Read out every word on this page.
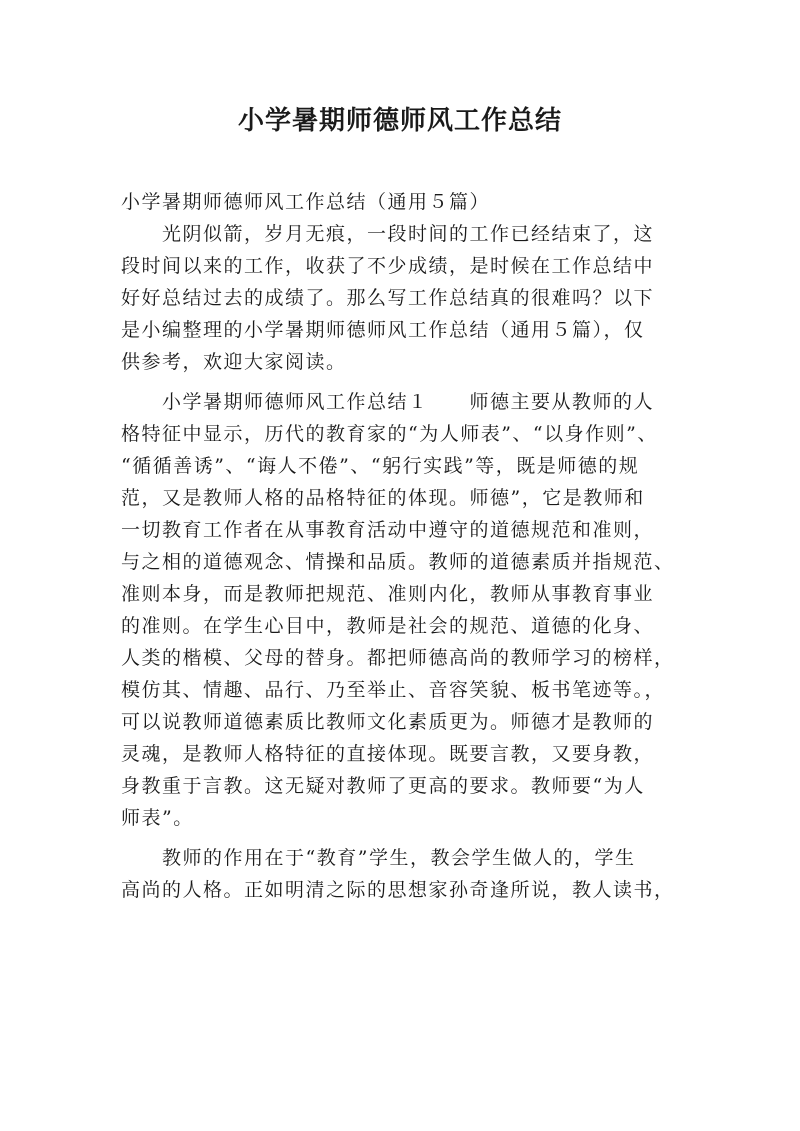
小学暑期师德师风工作总结
小学暑期师德师风工作总结（通用５篇）
光阴似箭，岁月无痕，一段时间的工作已经结束了，这
段时间以来的工作，收获了不少成绩，是时候在工作总结中
好好总结过去的成绩了。那么写工作总结真的很难吗？以下
是小编整理的小学暑期师德师风工作总结（通用５篇），仅
供参考，欢迎大家阅读。
小学暑期师德师风工作总结１　　师德主要从教师的人
格特征中显示，历代的教育家的“为人师表”、“以身作则”、
“循循善诱”、“诲人不倦”、“躬行实践”等，既是师德的规
范，又是教师人格的品格特征的体现。师德”，它是教师和
一切教育工作者在从事教育活动中遵守的道德规范和准则，
与之相的道德观念、情操和品质。教师的道德素质并指规范、
准则本身，而是教师把规范、准则内化，教师从事教育事业
的准则。在学生心目中，教师是社会的规范、道德的化身、
人类的楷模、父母的替身。都把师德高尚的教师学习的榜样，
模仿其、情趣、品行、乃至举止、音容笑貌、板书笔迹等。，
可以说教师道德素质比教师文化素质更为。师德才是教师的
灵魂，是教师人格特征的直接体现。既要言教，又要身教，
身教重于言教。这无疑对教师了更高的要求。教师要“为人
师表”。
教师的作用在于“教育”学生，教会学生做人的，学生
高尚的人格。正如明清之际的思想家孙奇逢所说，教人读书，
